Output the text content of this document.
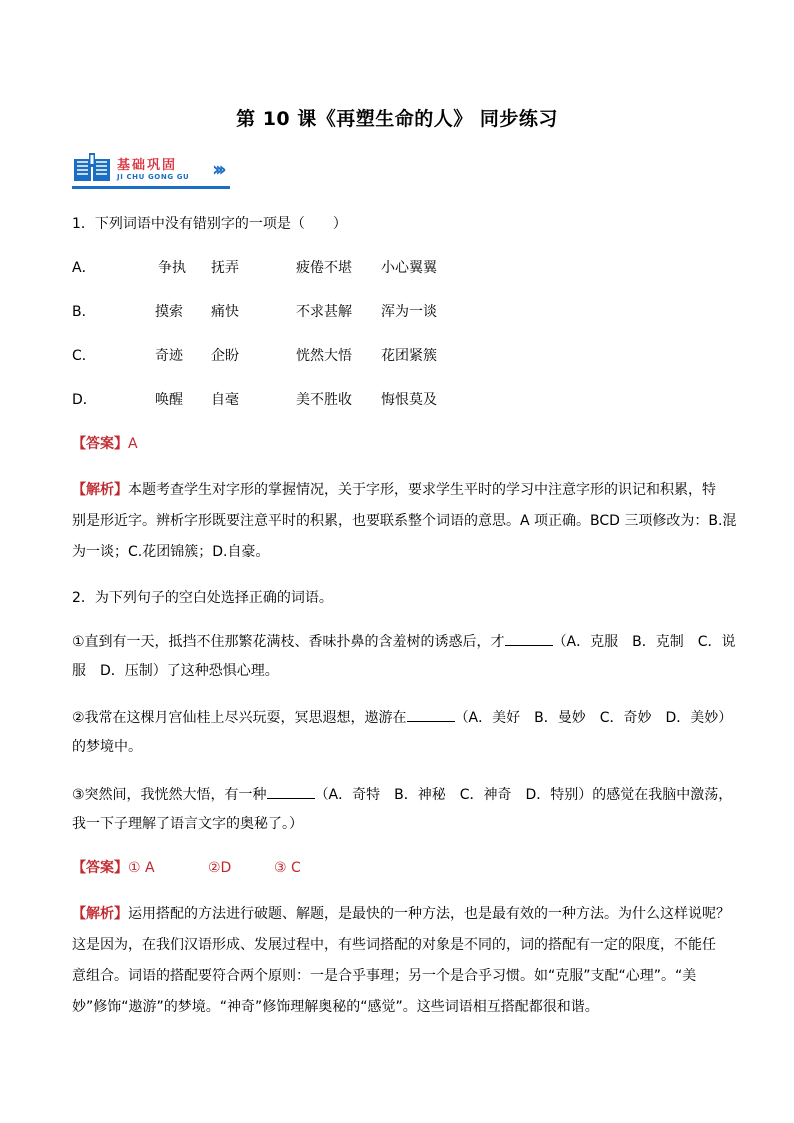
第 10 课《再塑生命的人》 同步练习
基础巩固
JI CHU GONG GU ›››
1．下列词语中没有错别字的一项是（　　）
A．	争执 抚弄	疲倦不堪 小心翼翼
B．	摸索 痛快	不求甚解 浑为一谈
C．	奇迹 企盼	恍然大悟 花团紧簇
D．	唤醒 自毫	美不胜收 悔恨莫及
【答案】A
【解析】本题考查学生对字形的掌握情况，关于字形，要求学生平时的学习中注意字形的识记和积累，特
别是形近字。辨析字形既要注意平时的积累，也要联系整个词语的意思。A 项正确。BCD 三项修改为：B.混
为一谈；C.花团锦簇；D.自豪。
2．为下列句子的空白处选择正确的词语。
①直到有一天，抵挡不住那繁花满枝、香味扑鼻的含羞树的诱惑后，才	（A．克服　B．克制　C．说
服　D．压制）了这种恐惧心理。
②我常在这棵月宫仙桂上尽兴玩耍，冥思遐想，遨游在	（A．美好　B．曼妙　C．奇妙　D．美妙）
的梦境中。
③突然间，我恍然大悟，有一种	（A．奇特　B．神秘　C．神奇　D．特别）的感觉在我脑中激荡，
我一下子理解了语言文字的奥秘了。）
【答案】① A	②D	③ C
【解析】运用搭配的方法进行破题、解题，是最快的一种方法，也是最有效的一种方法。为什么这样说呢？
这是因为，在我们汉语形成、发展过程中，有些词搭配的对象是不同的，词的搭配有一定的限度，不能任
意组合。词语的搭配要符合两个原则：一是合乎事理；另一个是合乎习惯。如“克服”支配“心理”。“美
妙”修饰“遨游”的梦境。“神奇”修饰理解奥秘的“感觉”。这些词语相互搭配都很和谐。
